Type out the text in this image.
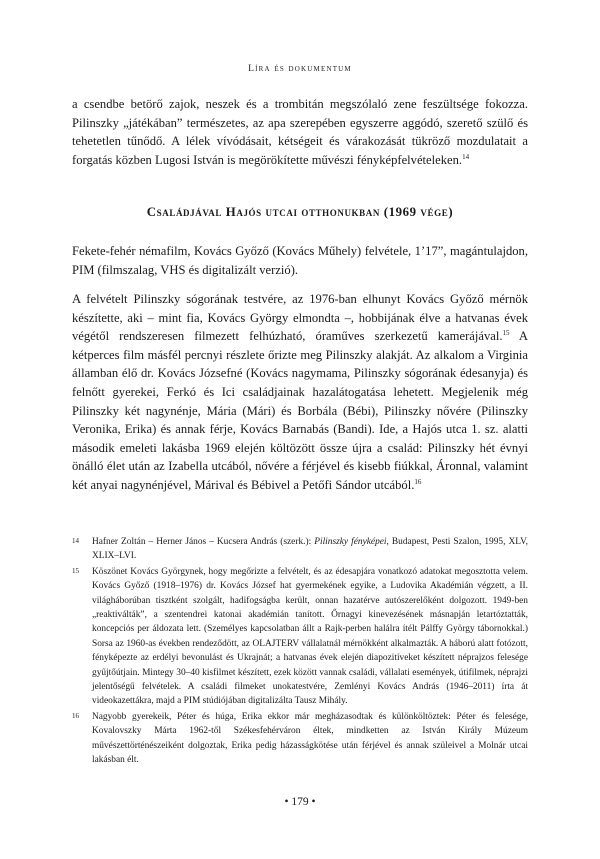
Líra és dokumentum

a csendbe betörő zajok, neszek és a trombitán megszólaló zene feszültsége fokozza. Pilinszky „játékában” természetes, az apa szerepében egyszerre aggódó, szerető szülő és tehetetlen tűnődő. A lélek vívódásait, kétségeit és várakozását tükröző mozdulatait a forgatás közben Lugosi István is megörökítette művészi fényképfelvételeken.$^{14}$

Családjával Hajós utcai otthonukban (1969 vége)

Fekete-fehér némafilm, Kovács Győző (Kovács Műhely) felvétele, 1’17”, magántulajdon, PIM (filmszalag, VHS és digitalizált verzió).

A felvételt Pilinszky sógorának testvére, az 1976-ban elhunyt Kovács Győző mérnök készítette, aki – mint fia, Kovács György elmondta –, hobbijának élve a hatvanas évek végétől rendszeresen filmezett felhúzható, óraműves szerkezetű kamerájával.$^{15}$ A kétperces film másfél percnyi részlete őrizte meg Pilinszky alakját. Az alkalom a Virginia államban élő dr. Kovács Józsefné (Kovács nagymama, Pilinszky sógorának édesanyja) és felnőtt gyerekei, Ferkó és Ici családjainak hazalátogatása lehetett. Megjelenik még Pilinszky két nagynénje, Mária (Mári) és Borbála (Bébi), Pilinszky nővére (Pilinszky Veronika, Erika) és annak férje, Kovács Barnabás (Bandi). Ide, a Hajós utca 1. sz. alatti második emeleti lakásba 1969 elején költözött össze újra a család: Pilinszky hét évnyi önálló élet után az Izabella utcából, nővére a férjével és kisebb fiúkkal, Áronnal, valamint két anyai nagynénjével, Márival és Bébivel a Petőfi Sándor utcából.$^{16}$

14 Hafner Zoltán – Herner János – Kucsera András (szerk.): Pilinszky fényképei, Budapest, Pesti Szalon, 1995, XLV, XLIX–LVI.

15 Köszönet Kovács Györgynek, hogy megőrizte a felvételt, és az édesapjára vonatkozó adatokat megosztotta velem. Kovács Győző (1918–1976) dr. Kovács József hat gyermekének egyike, a Ludovika Akadémián végzett, a II. világháborúban tisztként szolgált, hadifogságba került, onnan hazatérve autószerelőként dolgozott. 1949-ben „reaktiválták”, a szentendrei katonai akadémián tanított. Őrnagyi kinevezésének másnapján letartóztatták, koncepciós per áldozata lett. (Személyes kapcsolatban állt a Rajk-perben halálra ítélt Pálffy György tábornokkal.) Sorsa az 1960-as években rendeződött, az OLAJTERV vállalatnál mérnökként alkalmazták. A háború alatt fotózott, fényképezte az erdélyi bevonulást és Ukrajnát; a hatvanas évek elején diapozitíveket készített néprajzos felesége gyűjtőútjain. Mintegy 30–40 kisfilmet készített, ezek között vannak családi, vállalati események, útifilmek, néprajzi jelentőségű felvételek. A családi filmeket unokatestvére, Zemlényi Kovács András (1946–2011) írta át videokazettákra, majd a PIM stúdiójában digitalizálta Tausz Mihály.

16 Nagyobb gyerekeik, Péter és húga, Erika ekkor már megházasodtak és különköltöztek: Péter és felesége, Kovalovszky Márta 1962-től Székesfehérváron éltek, mindketten az István Király Múzeum művészettörténészeiként dolgoztak, Erika pedig házasságkötése után férjével és annak szüleivel a Molnár utcai lakásban élt.

• 179 •
